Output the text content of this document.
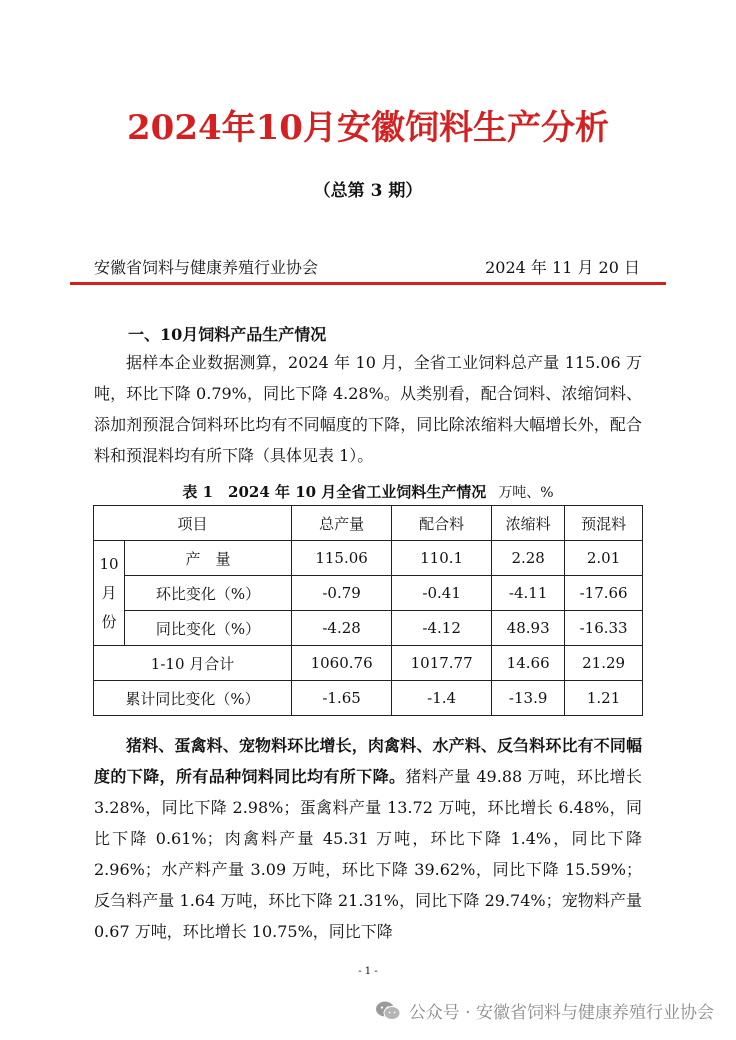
2024年10月安徽饲料生产分析
（总第 3 期）
安徽省饲料与健康养殖行业协会	2024 年 11 月 20 日
一、10月饲料产品生产情况
据样本企业数据测算，2024 年 10 月，全省工业饲料总产量 115.06 万吨，环比下降 0.79%，同比下降 4.28%。从类别看，配合饲料、浓缩饲料、添加剂预混合饲料环比均有不同幅度的下降，同比除浓缩料大幅增长外，配合料和预混料均有所下降（具体见表 1）。
表 1　2024 年 10 月全省工业饲料生产情况 万吨、%
项目		总产量	配合料	浓缩料	预混料
10
月
份	产　量	115.06	110.1	2.28	2.01
	环比变化（%）	-0.79	-0.41	-4.11	-17.66
	同比变化（%）	-4.28	-4.12	48.93	-16.33
1-10 月合计		1060.76	1017.77	14.66	21.29
累计同比变化（%）		-1.65	-1.4	-13.9	1.21
猪料、蛋禽料、宠物料环比增长，肉禽料、水产料、反刍料环比有不同幅度的下降，所有品种饲料同比均有所下降。猪料产量 49.88 万吨，环比增长 3.28%，同比下降 2.98%；蛋禽料产量 13.72 万吨，环比增长 6.48%，同比下降 0.61%；肉禽料产量 45.31 万吨，环比下降 1.4%，同比下降 2.96%；水产料产量 3.09 万吨，环比下降 39.62%，同比下降 15.59%；反刍料产量 1.64 万吨，环比下降 21.31%，同比下降 29.74%；宠物料产量 0.67 万吨，环比增长 10.75%，同比下降
- 1 -
公众号 · 安徽省饲料与健康养殖行业协会
